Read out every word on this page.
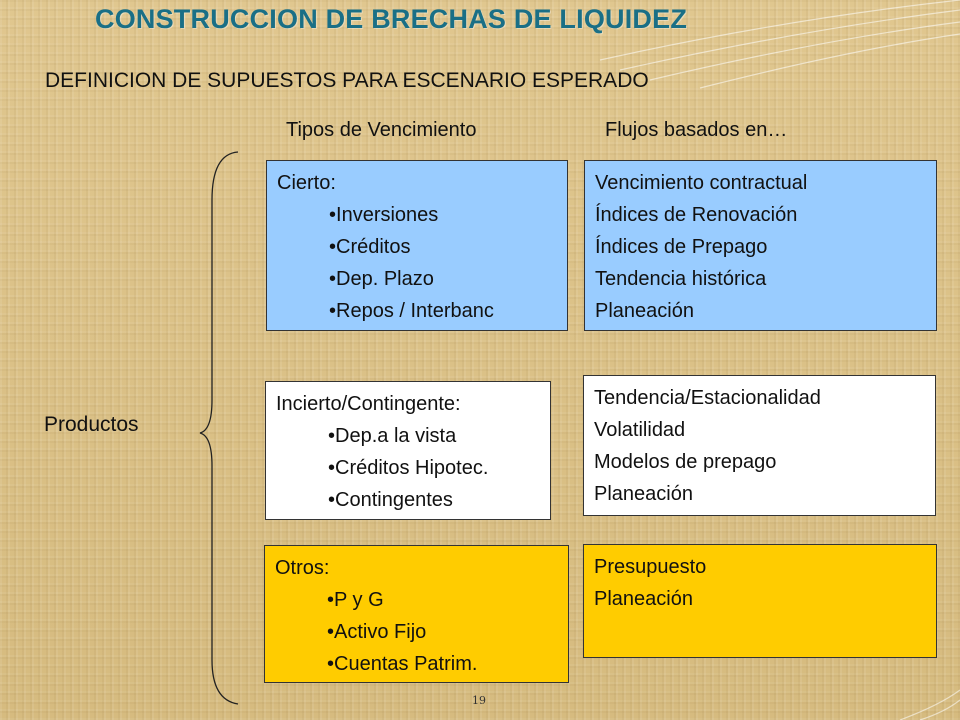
CONSTRUCCION DE BRECHAS DE LIQUIDEZ
DEFINICION DE SUPUESTOS PARA ESCENARIO ESPERADO
Tipos de Vencimiento	Flujos basados en…
Productos
Cierto:
• Inversiones
• Créditos
• Dep. Plazo
• Repos / Interbanc
Vencimiento contractual
Índices de Renovación
Índices de Prepago
Tendencia histórica
Planeación
Incierto/Contingente:
• Dep.a la vista
• Créditos Hipotec.
• Contingentes
Tendencia/Estacionalidad
Volatilidad
Modelos de prepago
Planeación
Otros:
• P y G
• Activo Fijo
• Cuentas Patrim.
Presupuesto
Planeación
19
